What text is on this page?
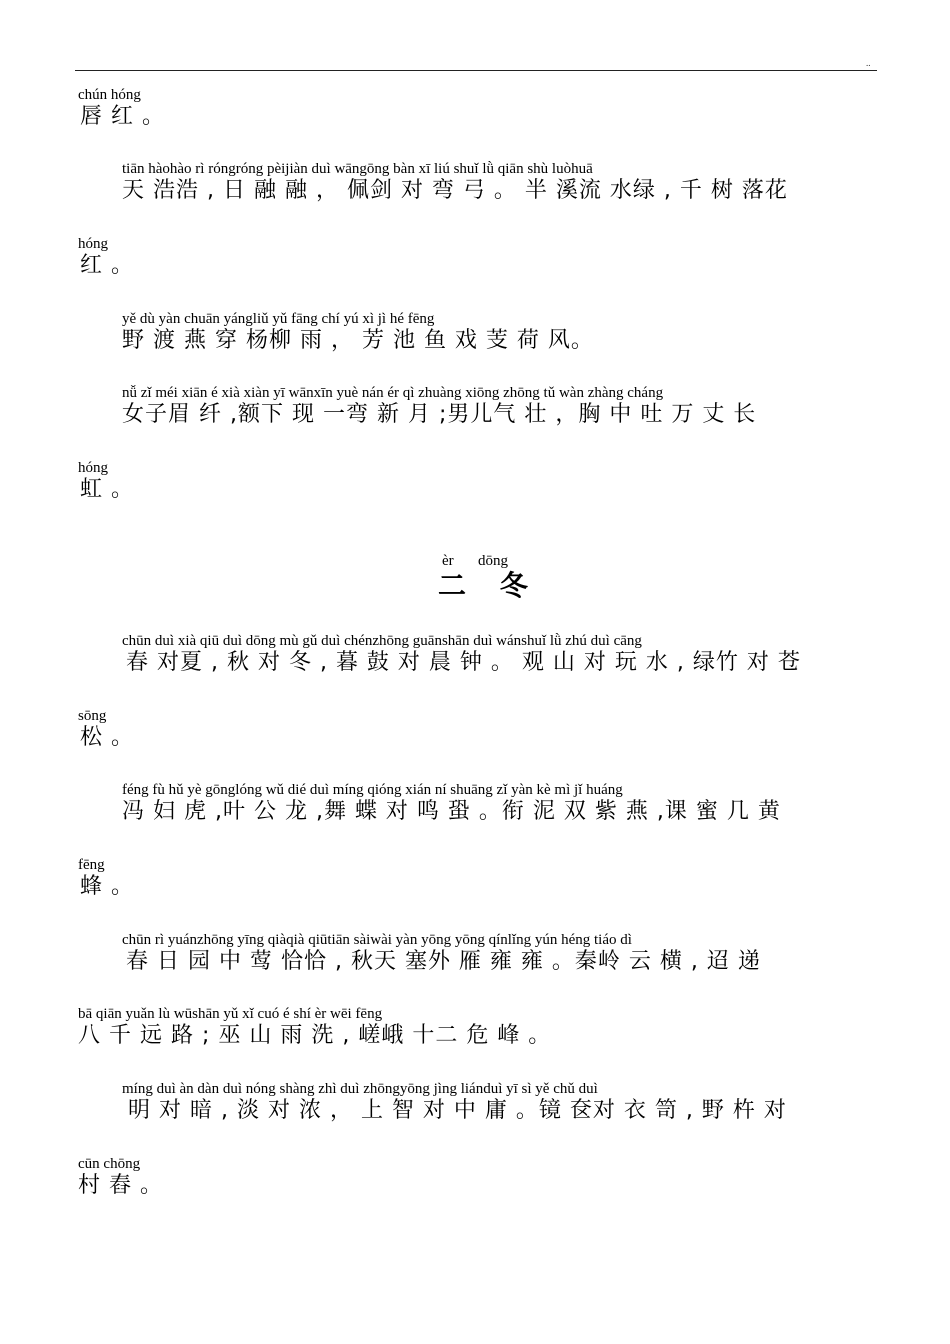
..
chún hóng
唇 红 。
tiān hàohào rì róngróng pèijiàn duì wāngōng bàn xī liú shuǐ lǜ qiān shù luòhuā
天 浩浩 , 日 融 融 ， 佩剑 对 弯 弓 。 半 溪流 水绿 , 千 树 落花
hóng
红 。
yě dù yàn chuān yángliǔ yǔ fāng chí yú xì jì hé fēng
野 渡 燕 穿 杨柳 雨 ， 芳 池 鱼 戏 芰 荷 风。
nǚ zǐ méi xiān é xià xiàn yī wānxīn yuè nán ér qì zhuàng xiōng zhōng tǔ wàn zhàng cháng
女子眉 纤 ,额下 现 一弯 新 月 ;男儿气 壮 ，胸 中 吐 万 丈 长
hóng
虹 。
èr dōng
二 冬
chūn duì xià qiū duì dōng mù gǔ duì chénzhōng guānshān duì wánshuǐ lǜ zhú duì cāng
春 对夏 , 秋 对 冬 , 暮 鼓 对 晨 钟 。 观 山 对 玩 水 , 绿竹 对 苍
sōng
松 。
féng fù hǔ yè gōnglóng wǔ dié duì míng qióng xián ní shuāng zǐ yàn kè mì jǐ huáng
冯 妇 虎 ,叶 公 龙 ,舞 蝶 对 鸣 蛩 。衔 泥 双 紫 燕 ,课 蜜 几 黄
fēng
蜂 。
chūn rì yuánzhōng yīng qiàqià qiūtiān sàiwài yàn yōng yōng qínlǐng yún héng tiáo dì
春 日 园 中 莺 恰恰 , 秋天 塞外 雁 雍 雍 。秦岭 云 横 , 迢 递
bā qiān yuǎn lù wūshān yǔ xǐ cuó é shí èr wēi fēng
八 千 远 路 ; 巫 山 雨 洗 , 嵯峨 十二 危 峰 。
míng duì àn dàn duì nóng shàng zhì duì zhōngyōng jìng liánduì yī sì yě chǔ duì
明 对 暗 , 淡 对 浓 ， 上 智 对 中 庸 。镜 奁对 衣 笥 , 野 杵 对
cūn chōng
村 舂 。
